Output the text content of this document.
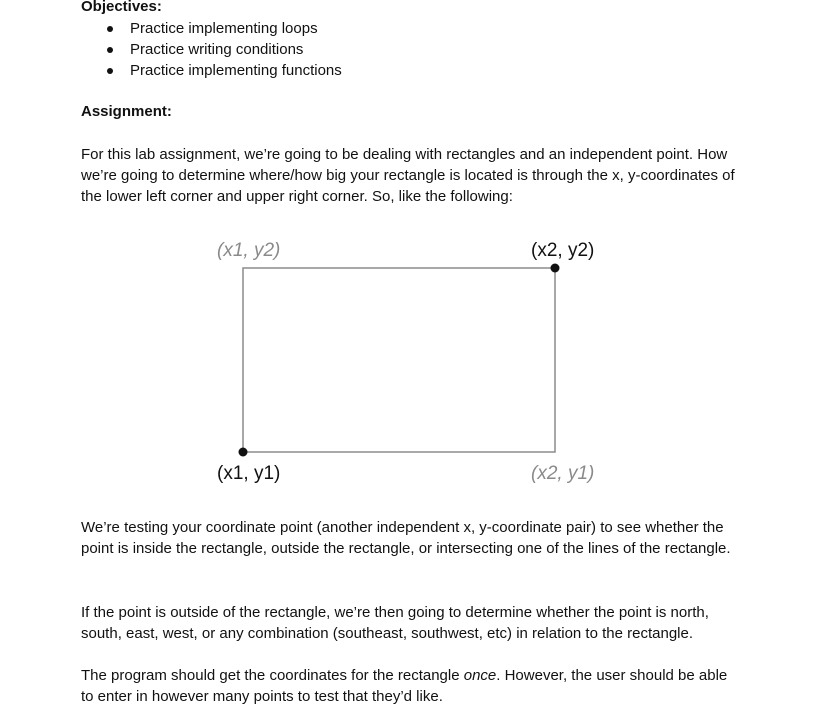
Objectives:
Practice implementing loops
Practice writing conditions
Practice implementing functions
Assignment:

For this lab assignment, we’re going to be dealing with rectangles and an independent point. How we’re going to determine where/how big your rectangle is located is through the x, y-coordinates of the lower left corner and upper right corner. So, like the following:

(x1, y2)	(x2, y2)
(x1, y1)	(x2, y1)

We’re testing your coordinate point (another independent x, y-coordinate pair) to see whether the point is inside the rectangle, outside the rectangle, or intersecting one of the lines of the rectangle.

If the point is outside of the rectangle, we’re then going to determine whether the point is north, south, east, west, or any combination (southeast, southwest, etc) in relation to the rectangle.

The program should get the coordinates for the rectangle once. However, the user should be able to enter in however many points to test that they’d like.
